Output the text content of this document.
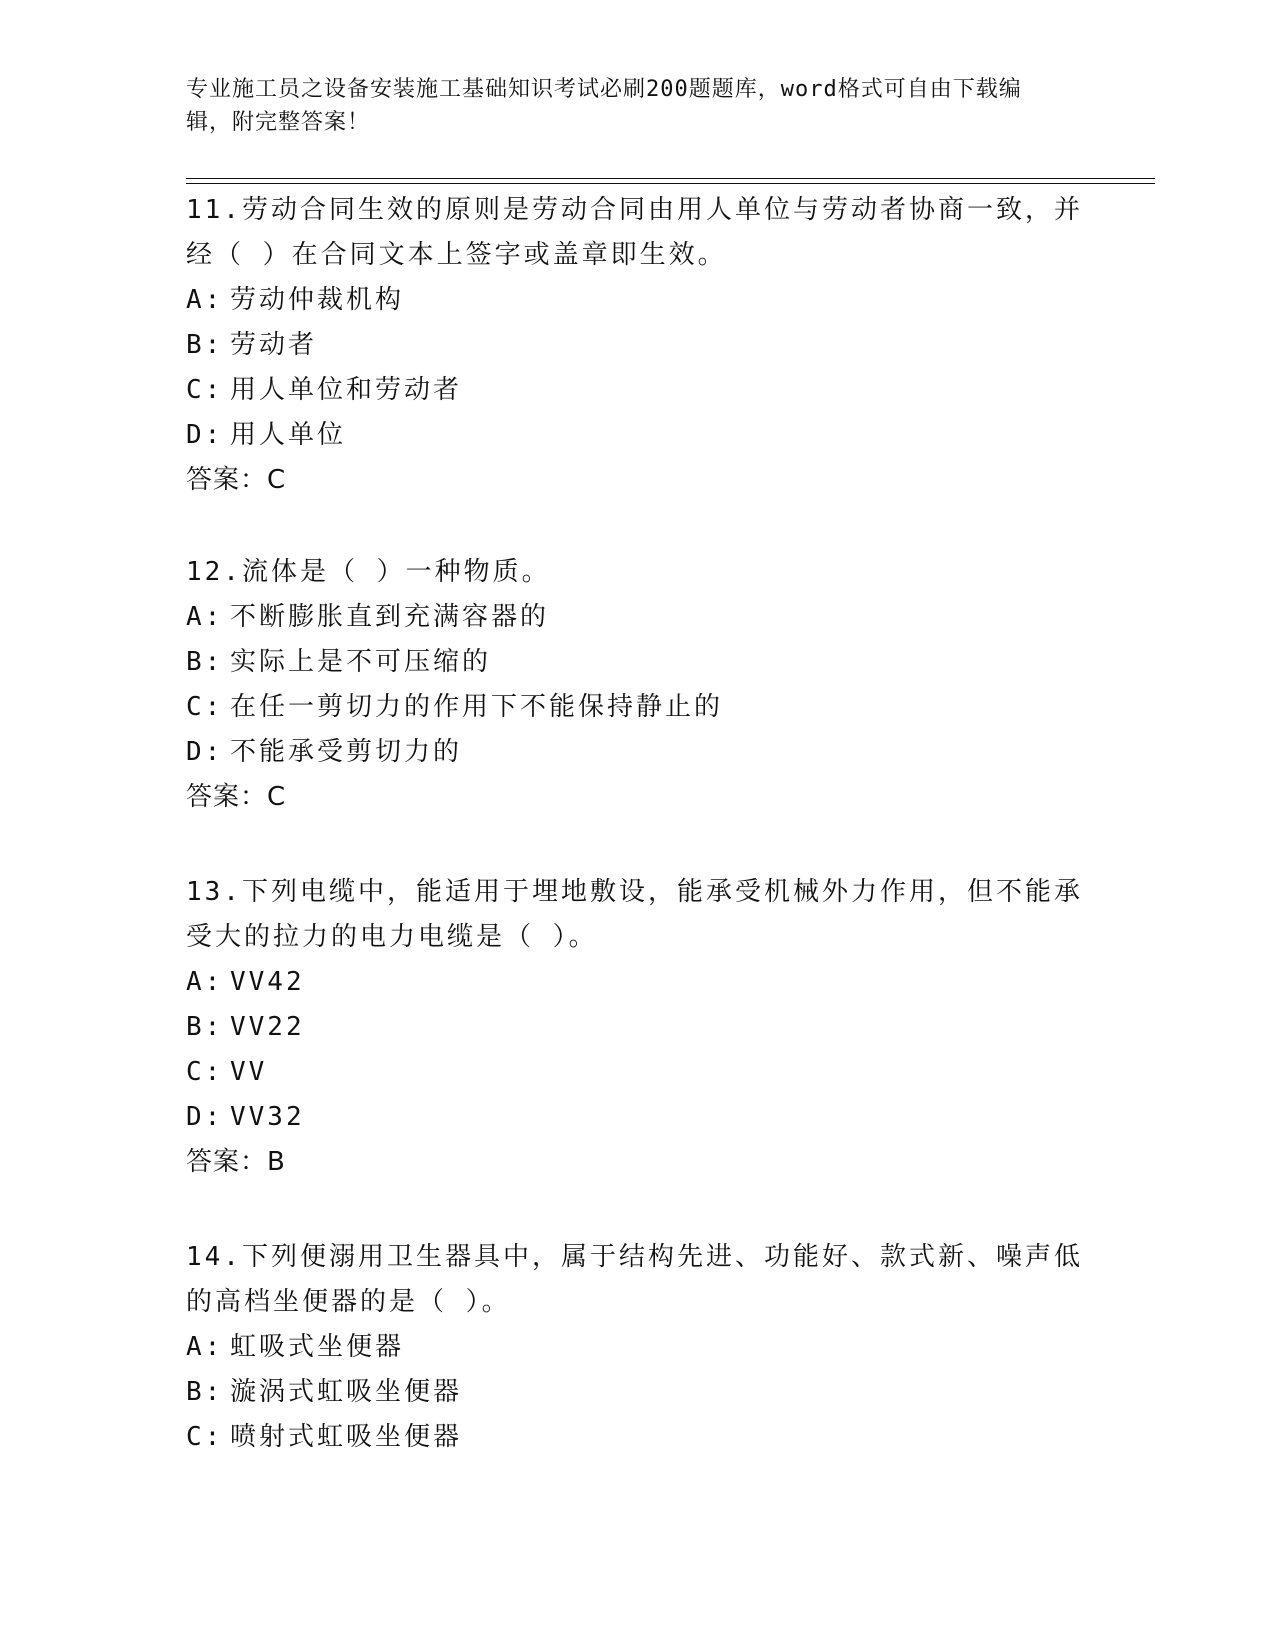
专业施工员之设备安装施工基础知识考试必刷200题题库，word格式可自由下载编辑，附完整答案！
11.劳动合同生效的原则是劳动合同由用人单位与劳动者协商一致，并经（ ）在合同文本上签字或盖章即生效。
A: 劳动仲裁机构
B: 劳动者
C: 用人单位和劳动者
D: 用人单位
答案：C
12.流体是（ ）一种物质。
A: 不断膨胀直到充满容器的
B: 实际上是不可压缩的
C: 在任一剪切力的作用下不能保持静止的
D: 不能承受剪切力的
答案：C
13.下列电缆中，能适用于埋地敷设，能承受机械外力作用，但不能承受大的拉力的电力电缆是（ ）。
A: VV42
B: VV22
C: VV
D: VV32
答案：B
14.下列便溺用卫生器具中，属于结构先进、功能好、款式新、噪声低的高档坐便器的是（ ）。
A: 虹吸式坐便器
B: 漩涡式虹吸坐便器
C: 喷射式虹吸坐便器
